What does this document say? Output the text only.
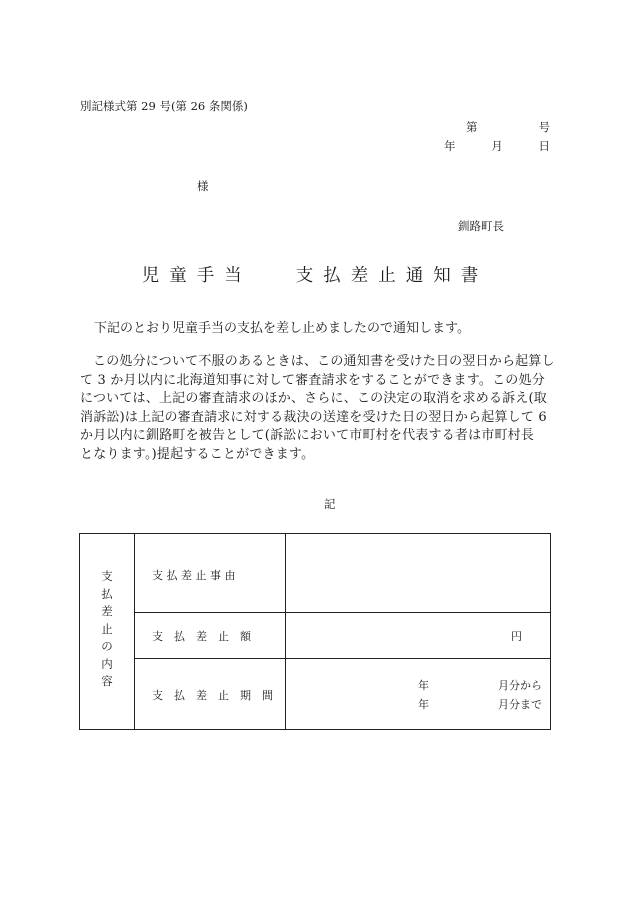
別記様式第 29 号(第 26 条関係)
第	号
年	月	日
様
釧路町長
児童手当	支払差止通知書
下記のとおり児童手当の支払を差し止めましたので通知します。
この処分について不服のあるときは、この通知書を受けた日の翌日から起算し
て 3 か月以内に北海道知事に対して審査請求をすることができます。この処分
については、上記の審査請求のほか、さらに、この決定の取消を求める訴え(取
消訴訟)は上記の審査請求に対する裁決の送達を受けた日の翌日から起算して 6
か月以内に釧路町を被告として(訴訟において市町村を代表する者は市町村長
となります。)提起することができます。
記
支
払
差
止
の
内
容
支 払 差 止 事 由
支　払　差　止　額	円
支　払　差　止　期　間
年	月分から
年	月分まで
